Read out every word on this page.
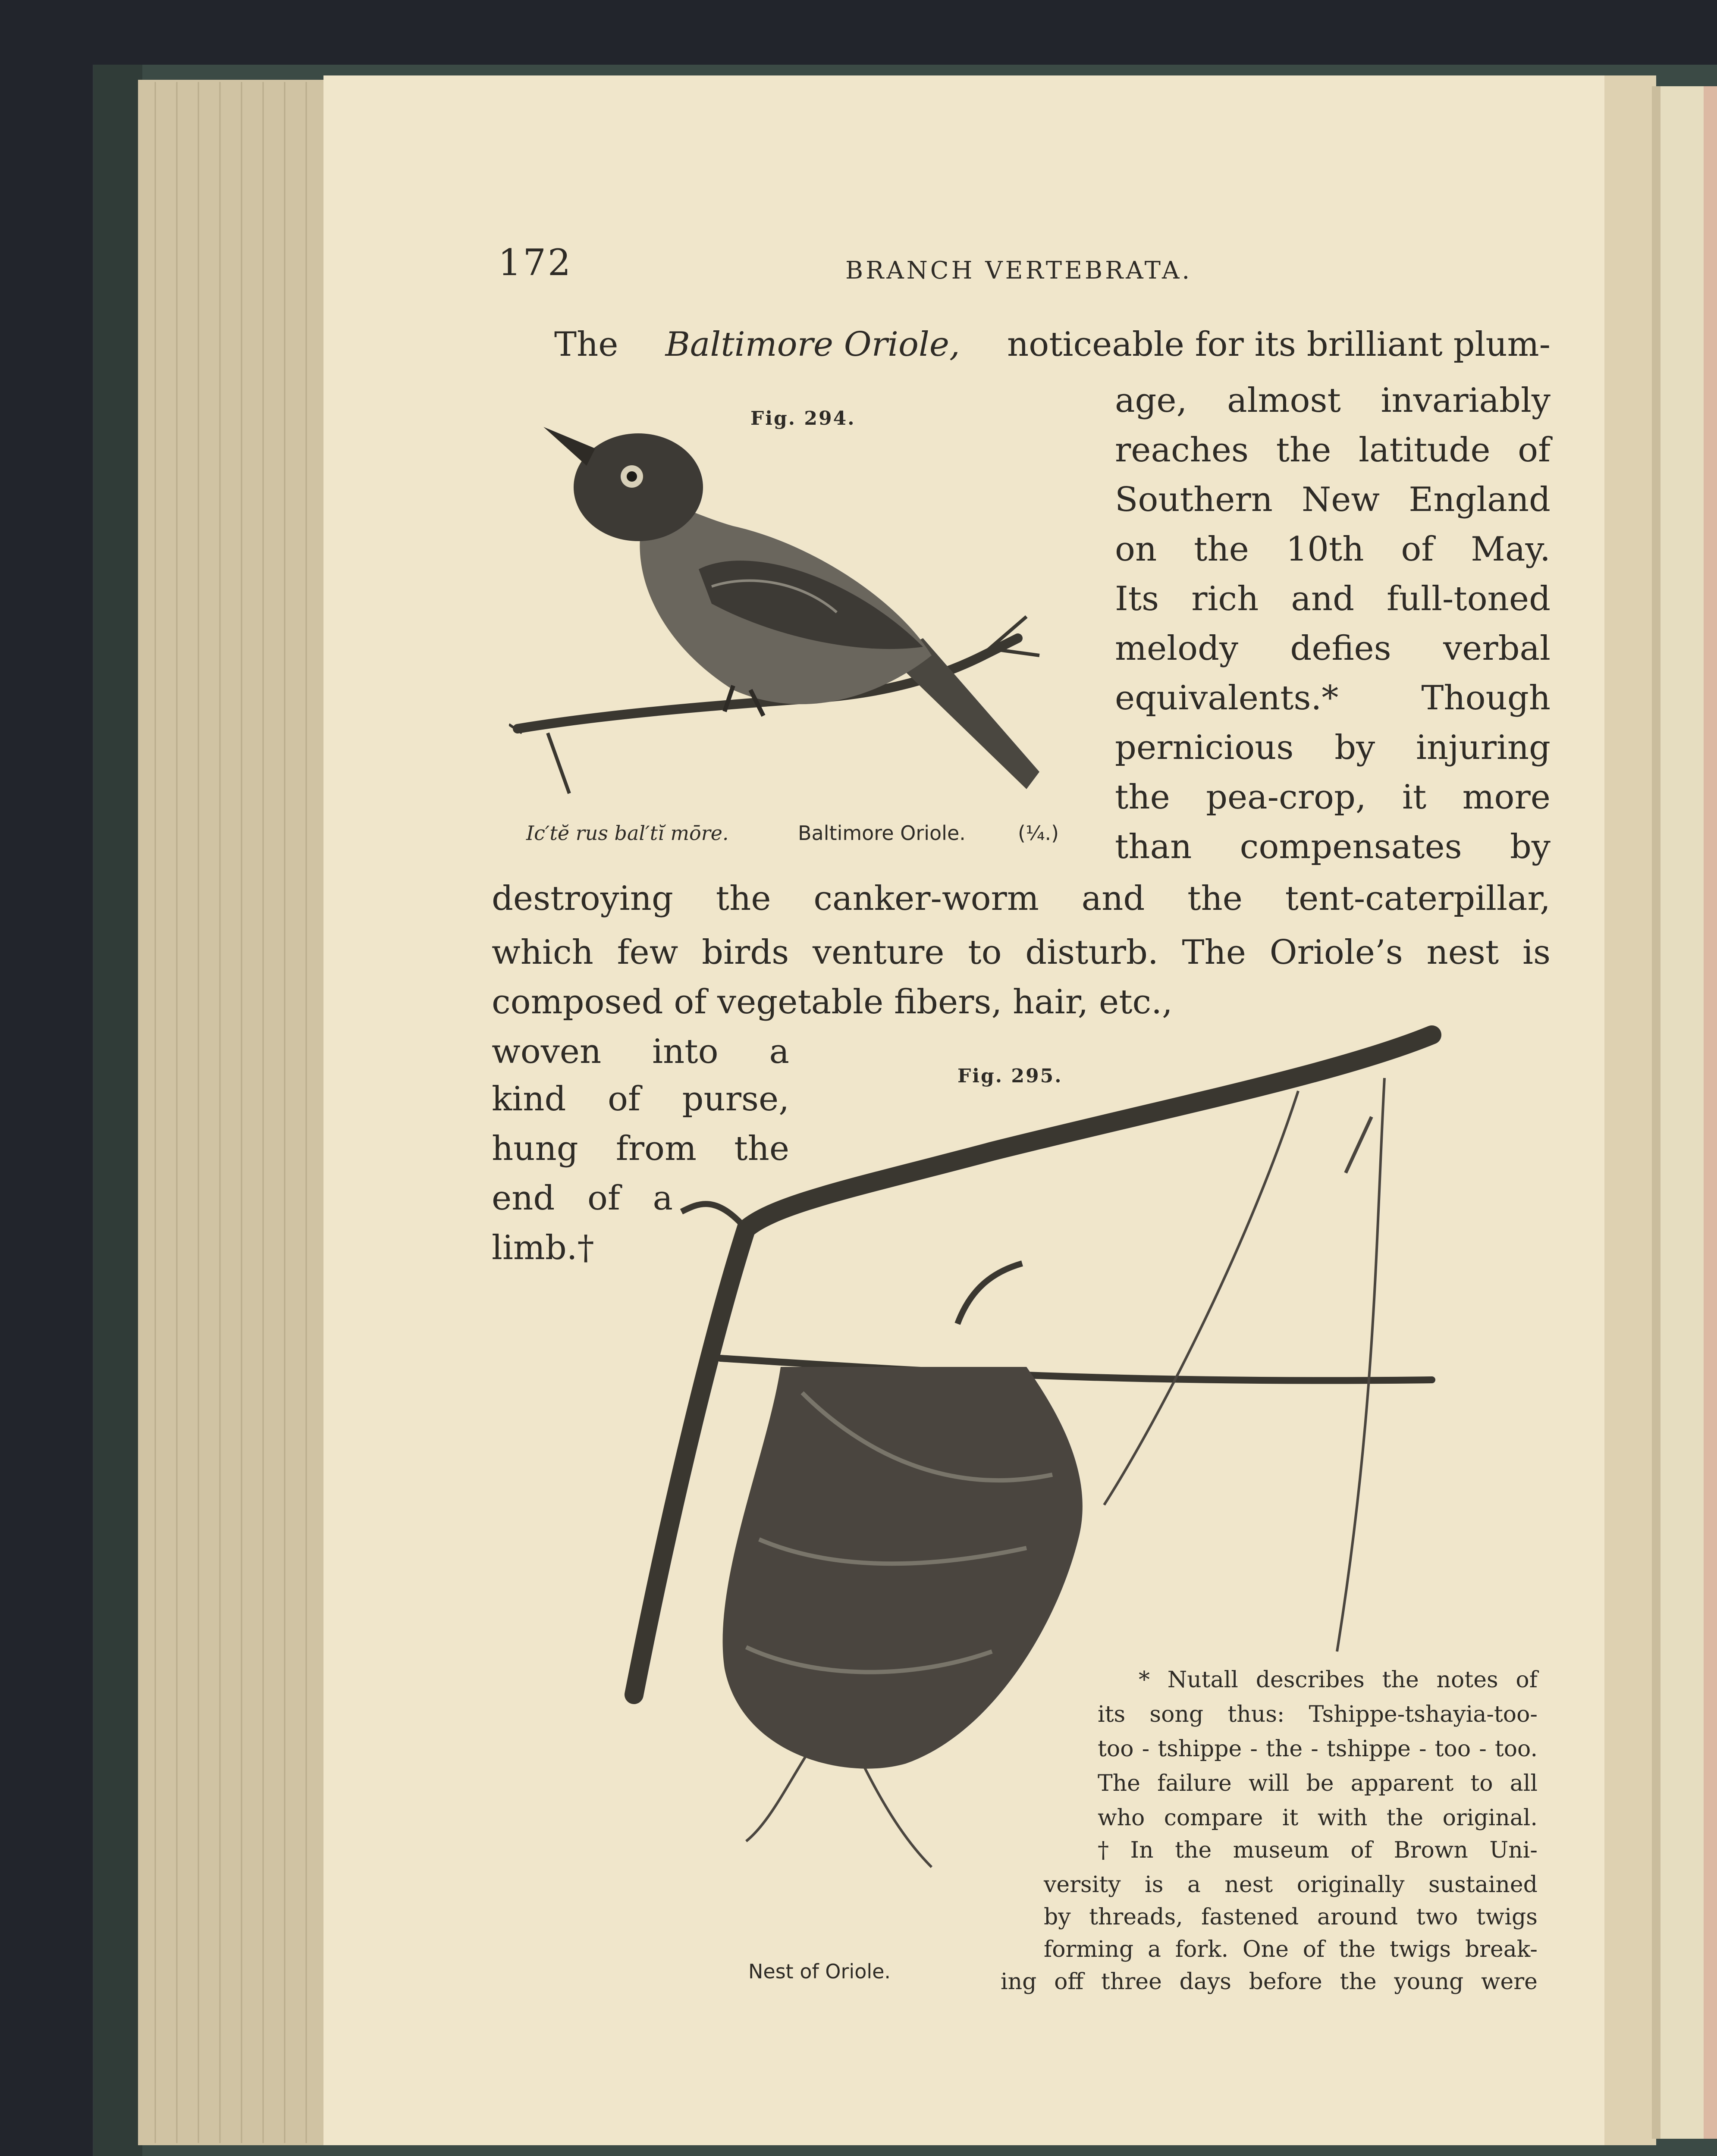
172	BRANCH VERTEBRATA.
The Baltimore Oriole, noticeable for its brilliant plum-
age, almost invariably
reaches the latitude of
Southern New England
on the 10th of May.
Its rich and full-toned
melody defies verbal
equivalents.* Though
pernicious by injuring
the pea-crop, it more
than compensates by
Fig. 294.
Ic′tĕ rus bal′tĭ mōre.	Baltimore Oriole.	(¼.)
destroying the canker-worm and the tent-caterpillar,
which few birds venture to disturb. The Oriole’s nest is
composed of vegetable fibers, hair, etc.,
woven into a
kind of purse,
hung from the
end of a
limb.†
Fig. 295.
Nest of Oriole.
* Nutall describes the notes of
its song thus: Tshippe-tshayia-too-
too - tshippe - the - tshippe - too - too.
The failure will be apparent to all
who compare it with the original.
† In the museum of Brown Uni-
versity is a nest originally sustained
by threads, fastened around two twigs
forming a fork. One of the twigs break-
ing off three days before the young were
